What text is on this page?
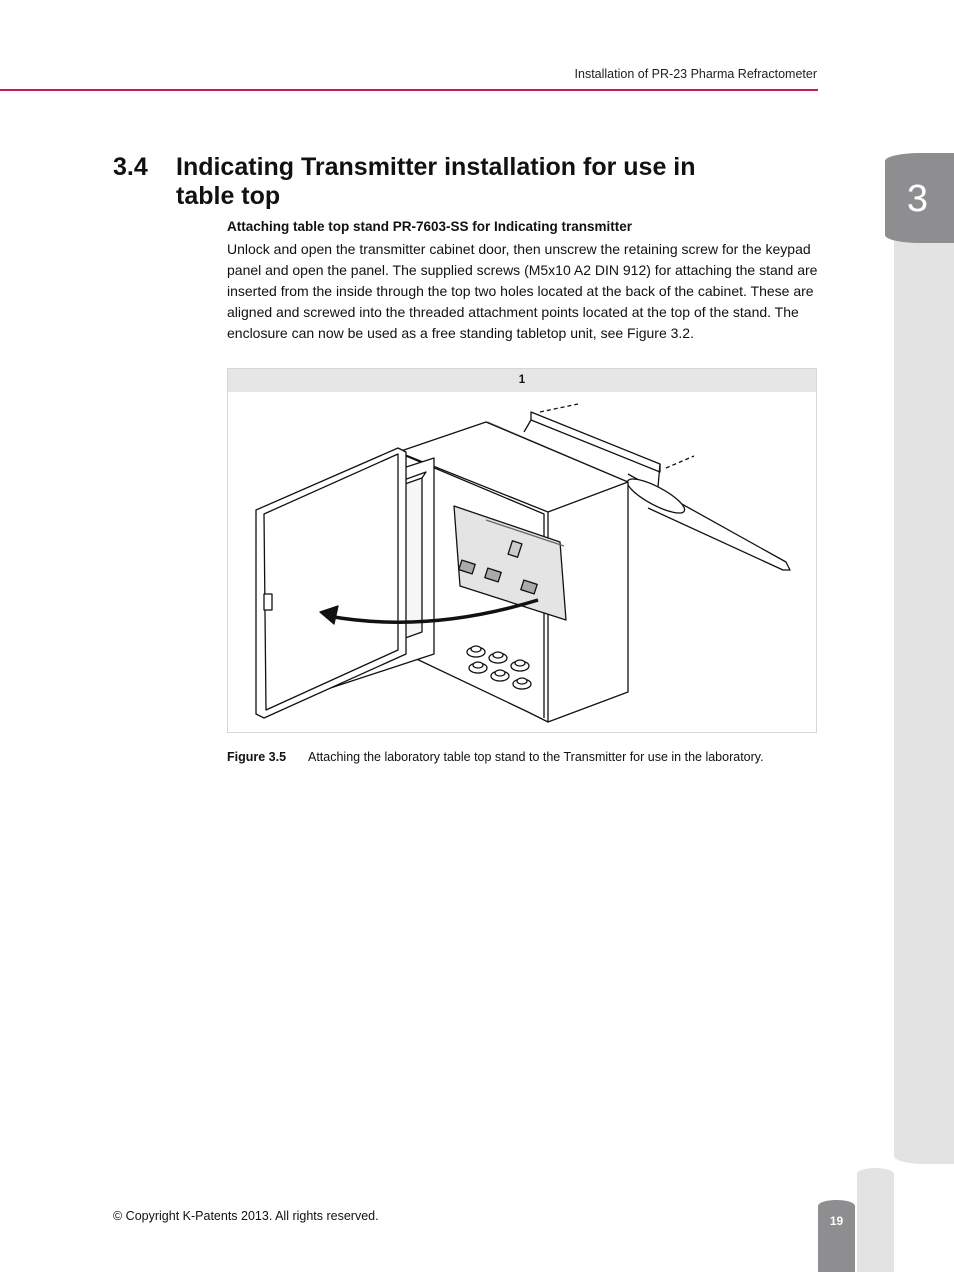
Installation of PR-23 Pharma Refractometer
3.4 Indicating Transmitter installation for use in table top
Attaching table top stand PR-7603-SS for Indicating transmitter
Unlock and open the transmitter cabinet door, then unscrew the retaining screw for the keypad panel and open the panel. The supplied screws (M5x10 A2 DIN 912) for attaching the stand are inserted from the inside through the top two holes located at the back of the cabinet. These are aligned and screwed into the threaded attachment points located at the top of the stand. The enclosure can now be used as a free standing tabletop unit, see Figure 3.2.
1
Figure 3.5 Attaching the laboratory table top stand to the Transmitter for use in the laboratory.
© Copyright K-Patents 2013. All rights reserved.
3
19
